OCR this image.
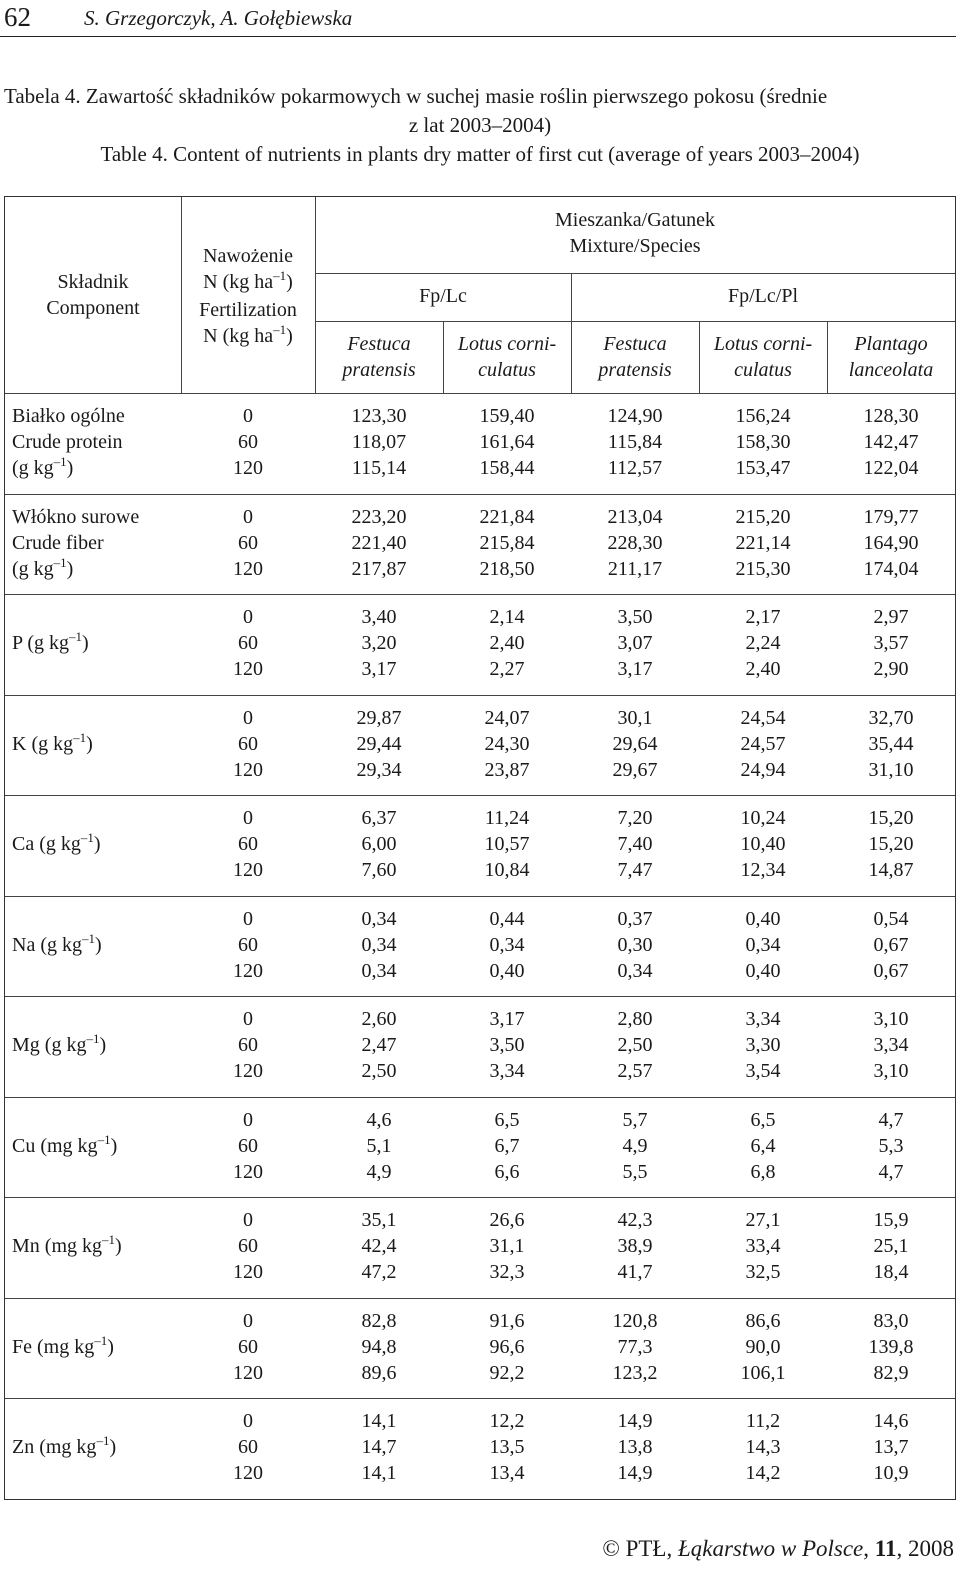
62	S. Grzegorczyk, A. Gołębiewska
Tabela 4. Zawartość składników pokarmowych w suchej masie roślin pierwszego pokosu (średnie
z lat 2003–2004)
Table 4. Content of nutrients in plants dry matter of first cut (average of years 2003–2004)
Składnik
Component
Nawożenie
N (kg $ha^{-1}$)
Fertilization
N (kg $ha^{-1}$)
Mieszanka/Gatunek
Mixture/Species
Fp/Lc	Fp/Lc/Pl
Festuca
pratensis
Lotus corni-
culatus
Festuca
pratensis
Lotus corni-
culatus
Plantago
lanceolata
Białko ogólne
Crude protein
(g $kg^{-1}$)
0
60
120
123,30
118,07
115,14
159,40
161,64
158,44
124,90
115,84
112,57
156,24
158,30
153,47
128,30
142,47
122,04
Włókno surowe
Crude fiber
(g $kg^{-1}$)
0
60
120
223,20
221,40
217,87
221,84
215,84
218,50
213,04
228,30
211,17
215,20
221,14
215,30
179,77
164,90
174,04
P (g $kg^{-1}$)
0
60
120
3,40
3,20
3,17
2,14
2,40
2,27
3,50
3,07
3,17
2,17
2,24
2,40
2,97
3,57
2,90
K (g $kg^{-1}$)
0
60
120
29,87
29,44
29,34
24,07
24,30
23,87
30,1
29,64
29,67
24,54
24,57
24,94
32,70
35,44
31,10
Ca (g $kg^{-1}$)
0
60
120
6,37
6,00
7,60
11,24
10,57
10,84
7,20
7,40
7,47
10,24
10,40
12,34
15,20
15,20
14,87
Na (g $kg^{-1}$)
0
60
120
0,34
0,34
0,34
0,44
0,34
0,40
0,37
0,30
0,34
0,40
0,34
0,40
0,54
0,67
0,67
Mg (g $kg^{-1}$)
0
60
120
2,60
2,47
2,50
3,17
3,50
3,34
2,80
2,50
2,57
3,34
3,30
3,54
3,10
3,34
3,10
Cu (mg $kg^{-1}$)
0
60
120
4,6
5,1
4,9
6,5
6,7
6,6
5,7
4,9
5,5
6,5
6,4
6,8
4,7
5,3
4,7
Mn (mg $kg^{-1}$)
0
60
120
35,1
42,4
47,2
26,6
31,1
32,3
42,3
38,9
41,7
27,1
33,4
32,5
15,9
25,1
18,4
Fe (mg $kg^{-1}$)
0
60
120
82,8
94,8
89,6
91,6
96,6
92,2
120,8
77,3
123,2
86,6
90,0
106,1
83,0
139,8
82,9
Zn (mg $kg^{-1}$)
0
60
120
14,1
14,7
14,1
12,2
13,5
13,4
14,9
13,8
14,9
11,2
14,3
14,2
14,6
13,7
10,9
© PTŁ, Łąkarstwo w Polsce, 11, 2008
